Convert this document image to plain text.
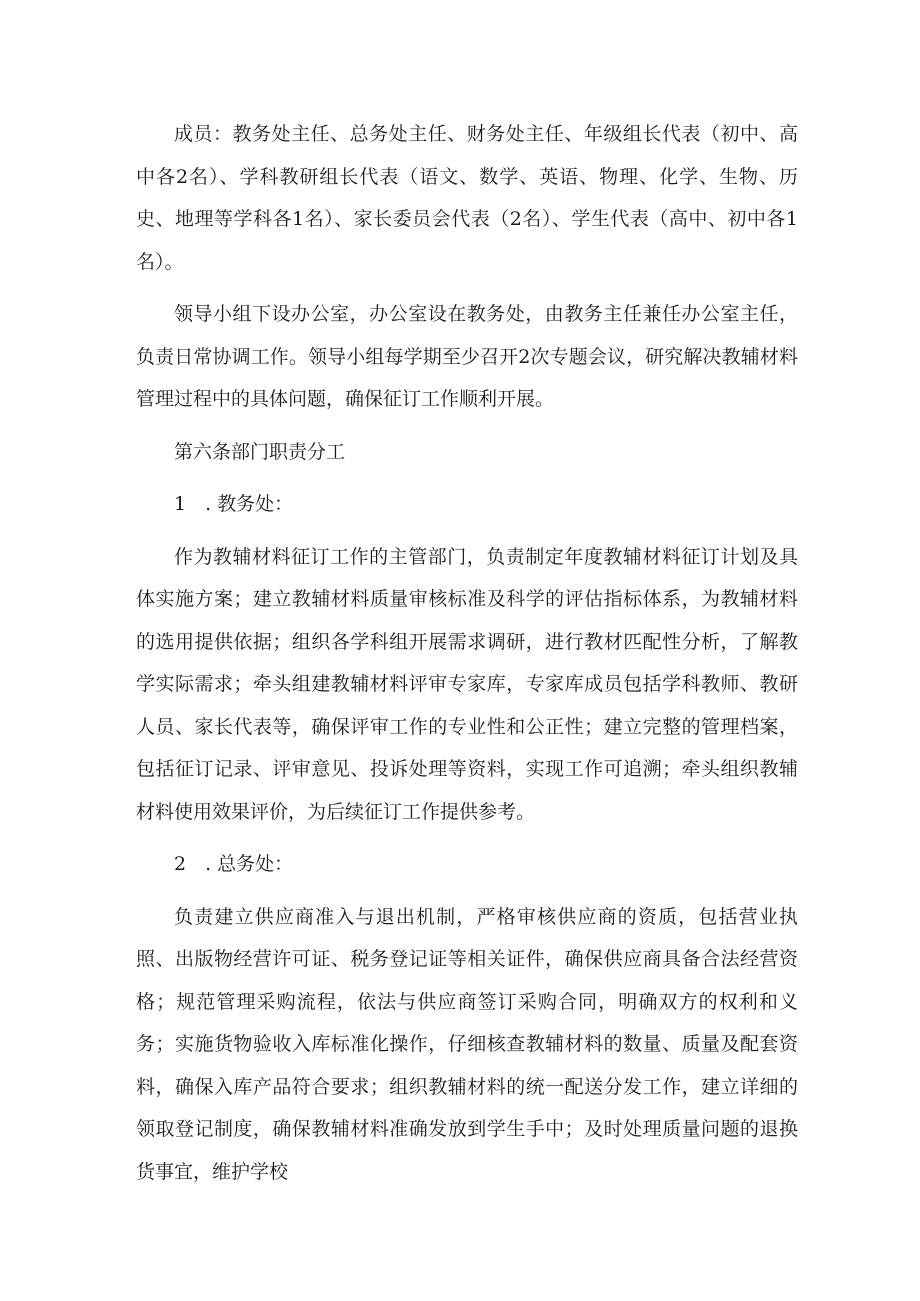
成员：教务处主任、总务处主任、财务处主任、年级组长代表（初中、高中各2名）、学科教研组长代表（语文、数学、英语、物理、化学、生物、历史、地理等学科各1名）、家长委员会代表（2名）、学生代表（高中、初中各1名）。

领导小组下设办公室，办公室设在教务处，由教务主任兼任办公室主任，负责日常协调工作。领导小组每学期至少召开2次专题会议，研究解决教辅材料管理过程中的具体问题，确保征订工作顺利开展。

第六条部门职责分工

1　. 教务处：

作为教辅材料征订工作的主管部门，负责制定年度教辅材料征订计划及具体实施方案；建立教辅材料质量审核标准及科学的评估指标体系，为教辅材料的选用提供依据；组织各学科组开展需求调研，进行教材匹配性分析，了解教学实际需求；牵头组建教辅材料评审专家库，专家库成员包括学科教师、教研人员、家长代表等，确保评审工作的专业性和公正性；建立完整的管理档案，包括征订记录、评审意见、投诉处理等资料，实现工作可追溯；牵头组织教辅材料使用效果评价，为后续征订工作提供参考。

2　. 总务处：

负责建立供应商准入与退出机制，严格审核供应商的资质，包括营业执照、出版物经营许可证、税务登记证等相关证件，确保供应商具备合法经营资格；规范管理采购流程，依法与供应商签订采购合同，明确双方的权利和义务；实施货物验收入库标准化操作，仔细核查教辅材料的数量、质量及配套资料，确保入库产品符合要求；组织教辅材料的统一配送分发工作，建立详细的领取登记制度，确保教辅材料准确发放到学生手中；及时处理质量问题的退换货事宜，维护学校
